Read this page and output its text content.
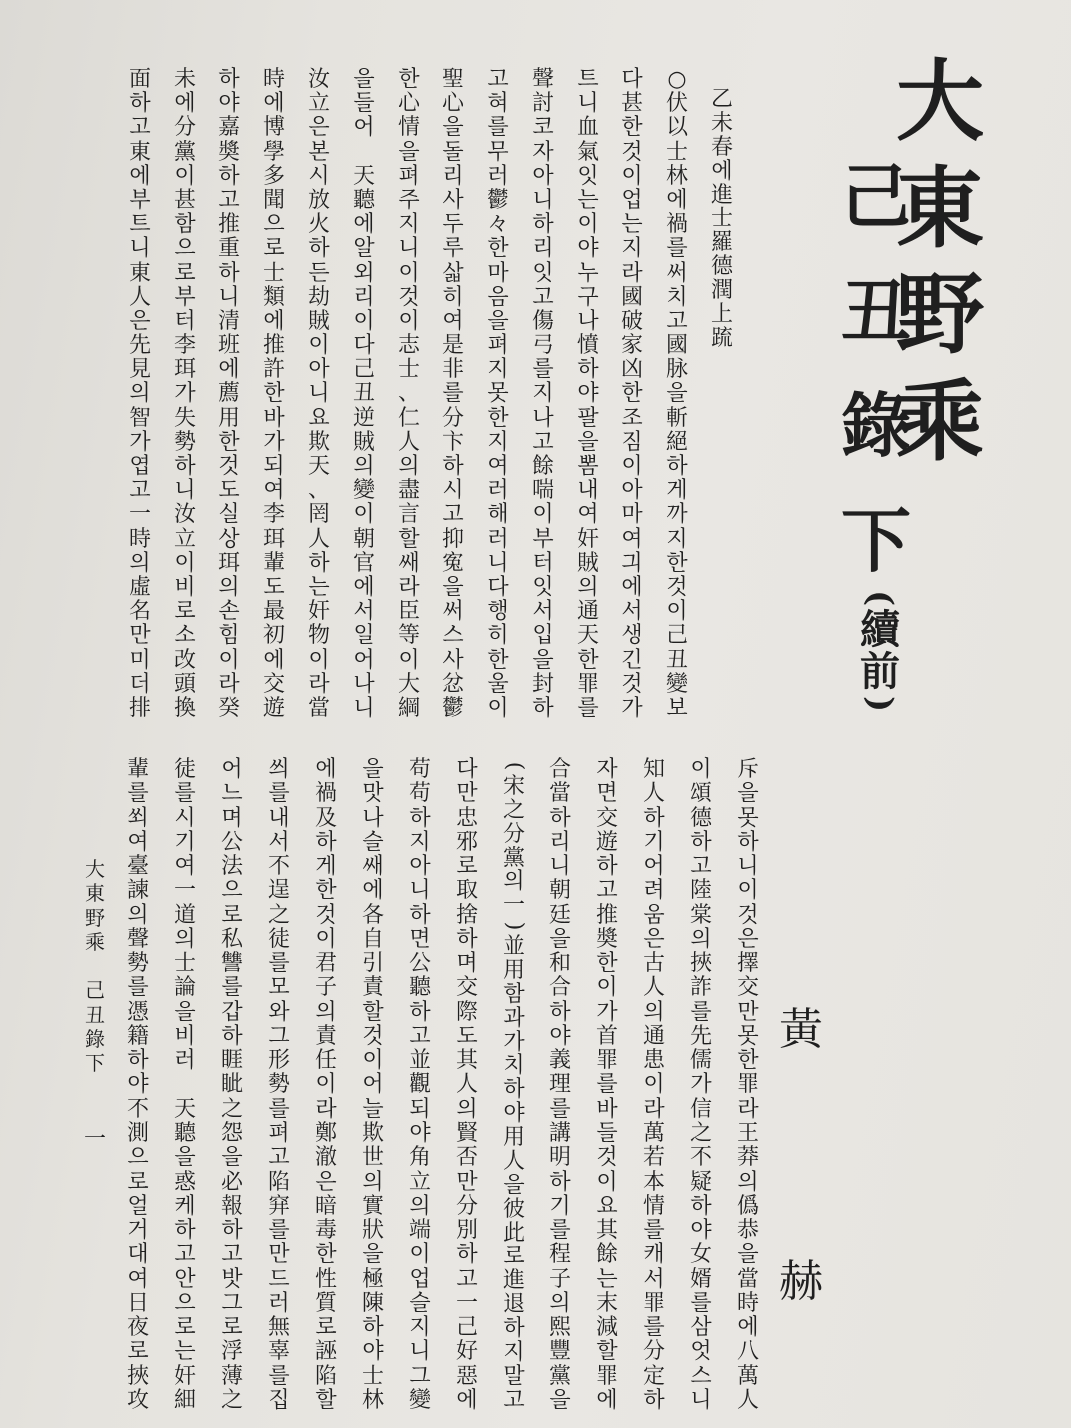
大
東
野
乘
己
丑
錄
下
(
續
前
)
黃
赫
乙
未
春
에
進
士
羅
德
潤
上
䟽
○
伏
以
士
林
에
禍
를
써
치
고
國
脉
을
斬
絕
하
게
까
지
한
것
이
己
丑
變
보
다
甚
한
것
이
업
는
지
라
國
破
家
凶
한
조
짐
이
아
마
여
긔
에
서
생
긴
것
가
트
니
血
氣
잇
는
이
야
누
구
나
憤
하
야
팔
을
뽐
내
여
奸
賊
의
通
天
한
罪
를
聲
討
코
자
아
니
하
리
잇
고
傷
弓
를
지
나
고
餘
喘
이
부
터
잇
서
입
을
封
하
고
혀
를
무
러
鬱
々
한
마
음
을
펴
지
못
한
지
여
러
해
러
니
다
행
히
한
울
이
聖
心
을
돌
리
사
두
루
삷
히
여
是
非
를
分
卞
하
시
고
抑
寃
을
써
스
사
忿
鬱
한
心
情
을
펴
주
지
니
이
것
이
志
士
、
仁
人
의
盡
言
할
쌔
라
臣
等
이
大
綱
을
들
어

天
聽
에
알
외
리
이
다
己
丑
逆
賊
의
變
이
朝
官
에
서
일
어
나
니
汝
立
은
본
시
放
火
하
든
劫
賊
이
아
니
요
欺
天
、
罔
人
하
는
奸
物
이
라
當
時
에
博
學
多
聞
으
로
士
類
에
推
許
한
바
가
되
여
李
珥
輩
도
最
初
에
交
遊
하
야
嘉
奬
하
고
推
重
하
니
清
班
에
薦
用
한
것
도
실
상
珥
의
손
힘
이
라
癸
未
에
分
黨
이
甚
함
으
로
부
터
李
珥
가
失
勢
하
니
汝
立
이
비
로
소
改
頭
換
面
하
고
東
에
부
트
니
東
人
은
先
見
의
智
가
엽
고
一
時
의
虛
名
만
미
더
排
斥
을
못
하
니
이
것
은
擇
交
만
못
한
罪
라
王
莽
의
僞
恭
을
當
時
에
八
萬
人
이
頌
德
하
고
陸
棠
의
挾
詐
를
先
儒
가
信
之
不
疑
하
야
女
婿
를
삼
엇
스
니
知
人
하
기
어
려
움
은
古
人
의
通
患
이
라
萬
若
本
情
를
캐
서
罪
를
分
定
하
자
면
交
遊
하
고
推
奬
한
이
가
首
罪
를
바
들
것
이
요
其
餘
는
末
減
할
罪
에
合
當
하
리
니
朝
廷
을
和
合
하
야
義
理
를
講
明
하
기
를
程
子
의
熙
豐
黨
을
(
宋
之
分
黨
의
一
)
並
用
함
과
가
치
하
야
用
人
을
彼
此
로
進
退
하
지
말
고
다
만
忠
邪
로
取
捨
하
며
交
際
도
其
人
의
賢
否
만
分
別
하
고
一
己
好
惡
에
苟
苟
하
지
아
니
하
면
公
聽
하
고
並
觀
되
야
角
立
의
端
이
업
슬
지
니
그
變
을
맛
나
슬
쌔
에
各
自
引
責
할
것
이
어
늘
欺
世
의
實
狀
을
極
陳
하
야
士
林
에
禍
及
하
게
한
것
이
君
子
의
責
任
이
라
鄭
澈
은
暗
毒
한
性
質
로
誣
陷
할
씌
를
내
서
不
逞
之
徒
를
모
와
그
形
勢
를
펴
고
陷
穽
를
만
드
러
無
辜
를
집
어
느
며
公
法
으
로
私
讐
를
갑
하
睚
眦
之
怨
을
必
報
하
고
밧
그
로
浮
薄
之
徒
를
시
기
여
一
道
의
士
論
을
비
러

天
聽
을
惑
케
하
고
안
으
로
는
奸
細
輩
를
쐬
여
臺
諫
의
聲
勢
를
憑
籍
하
야
不
測
으
로
얼
거
대
여
日
夜
로
挾
攻
大
東
野
乘

己
丑
錄
下
一
